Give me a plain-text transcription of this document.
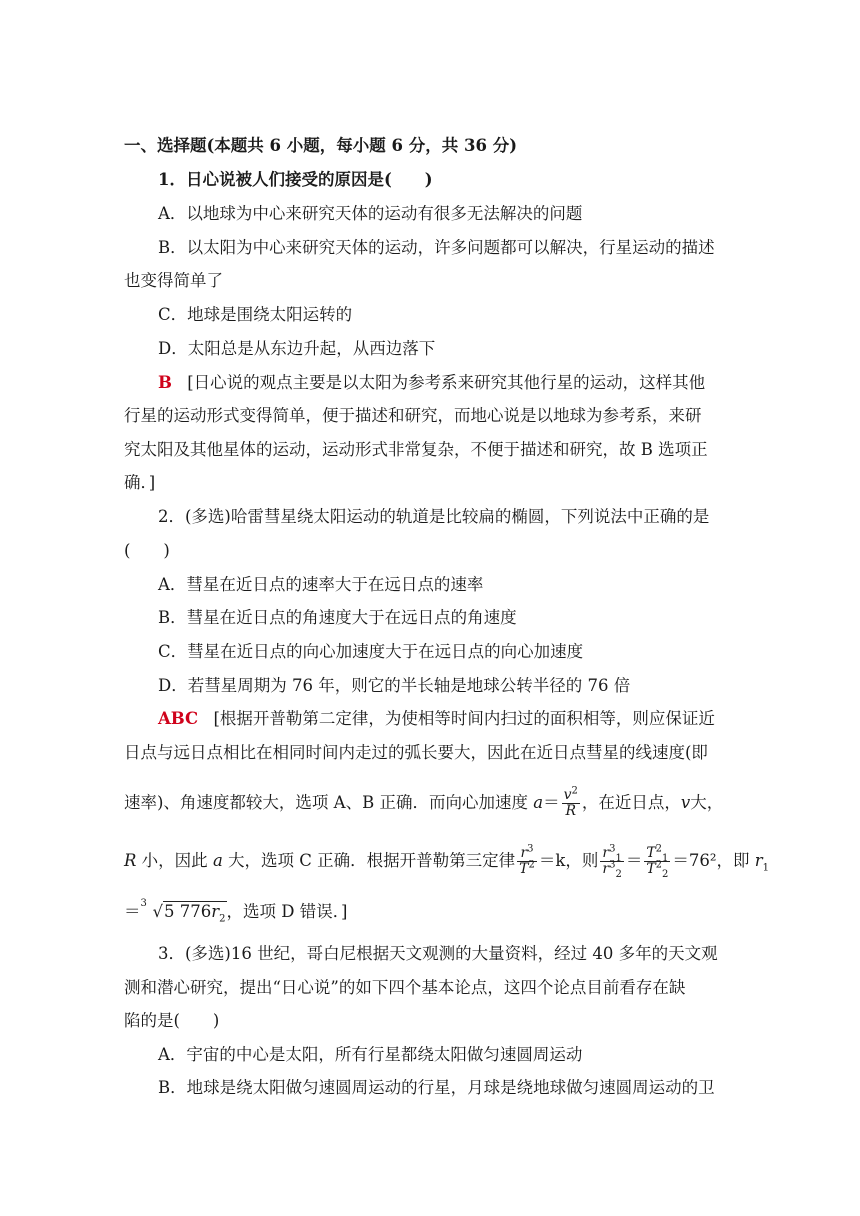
一、选择题(本题共 6 小题，每小题 6 分，共 36 分)
1．日心说被人们接受的原因是(　　)
A．以地球为中心来研究天体的运动有很多无法解决的问题
B．以太阳为中心来研究天体的运动，许多问题都可以解决，行星运动的描述
也变得简单了
C．地球是围绕太阳运转的
D．太阳总是从东边升起，从西边落下
B [日心说的观点主要是以太阳为参考系来研究其他行星的运动，这样其他
行星的运动形式变得简单，便于描述和研究，而地心说是以地球为参考系，来研
究太阳及其他星体的运动，运动形式非常复杂，不便于描述和研究，故 B 选项正
确．]
2．(多选)哈雷彗星绕太阳运动的轨道是比较扁的椭圆，下列说法中正确的是
(　　)
A．彗星在近日点的速率大于在远日点的速率
B．彗星在近日点的角速度大于在远日点的角速度
C．彗星在近日点的向心加速度大于在远日点的向心加速度
D．若彗星周期为 76 年，则它的半长轴是地球公转半径的 76 倍
ABC [根据开普勒第二定律，为使相等时间内扫过的面积相等，则应保证近
日点与远日点相比在相同时间内走过的弧长要大，因此在近日点彗星的线速度(即
速率)、角速度都较大，选项 A、B 正确．而向心加速度 $a= \frac{v^2}{R}$ ，在近日点，v大，
R 小，因此 a 大，选项 C 正确．根据开普勒第三定律 $\frac{r^3}{T^2} =k$，则 $\frac{r^3_1}{r^3_2} = \frac{T^2_1}{T^2_2} =76^2$，即 $r_1$
＝ 3 √5 $776r_2$，选项 D 错误．]
3．(多选)16 世纪，哥白尼根据天文观测的大量资料，经过 40 多年的天文观
测和潜心研究，提出“日心说”的如下四个基本论点，这四个论点目前看存在缺
陷的是(　　)
A．宇宙的中心是太阳，所有行星都绕太阳做匀速圆周运动
B．地球是绕太阳做匀速圆周运动的行星，月球是绕地球做匀速圆周运动的卫
